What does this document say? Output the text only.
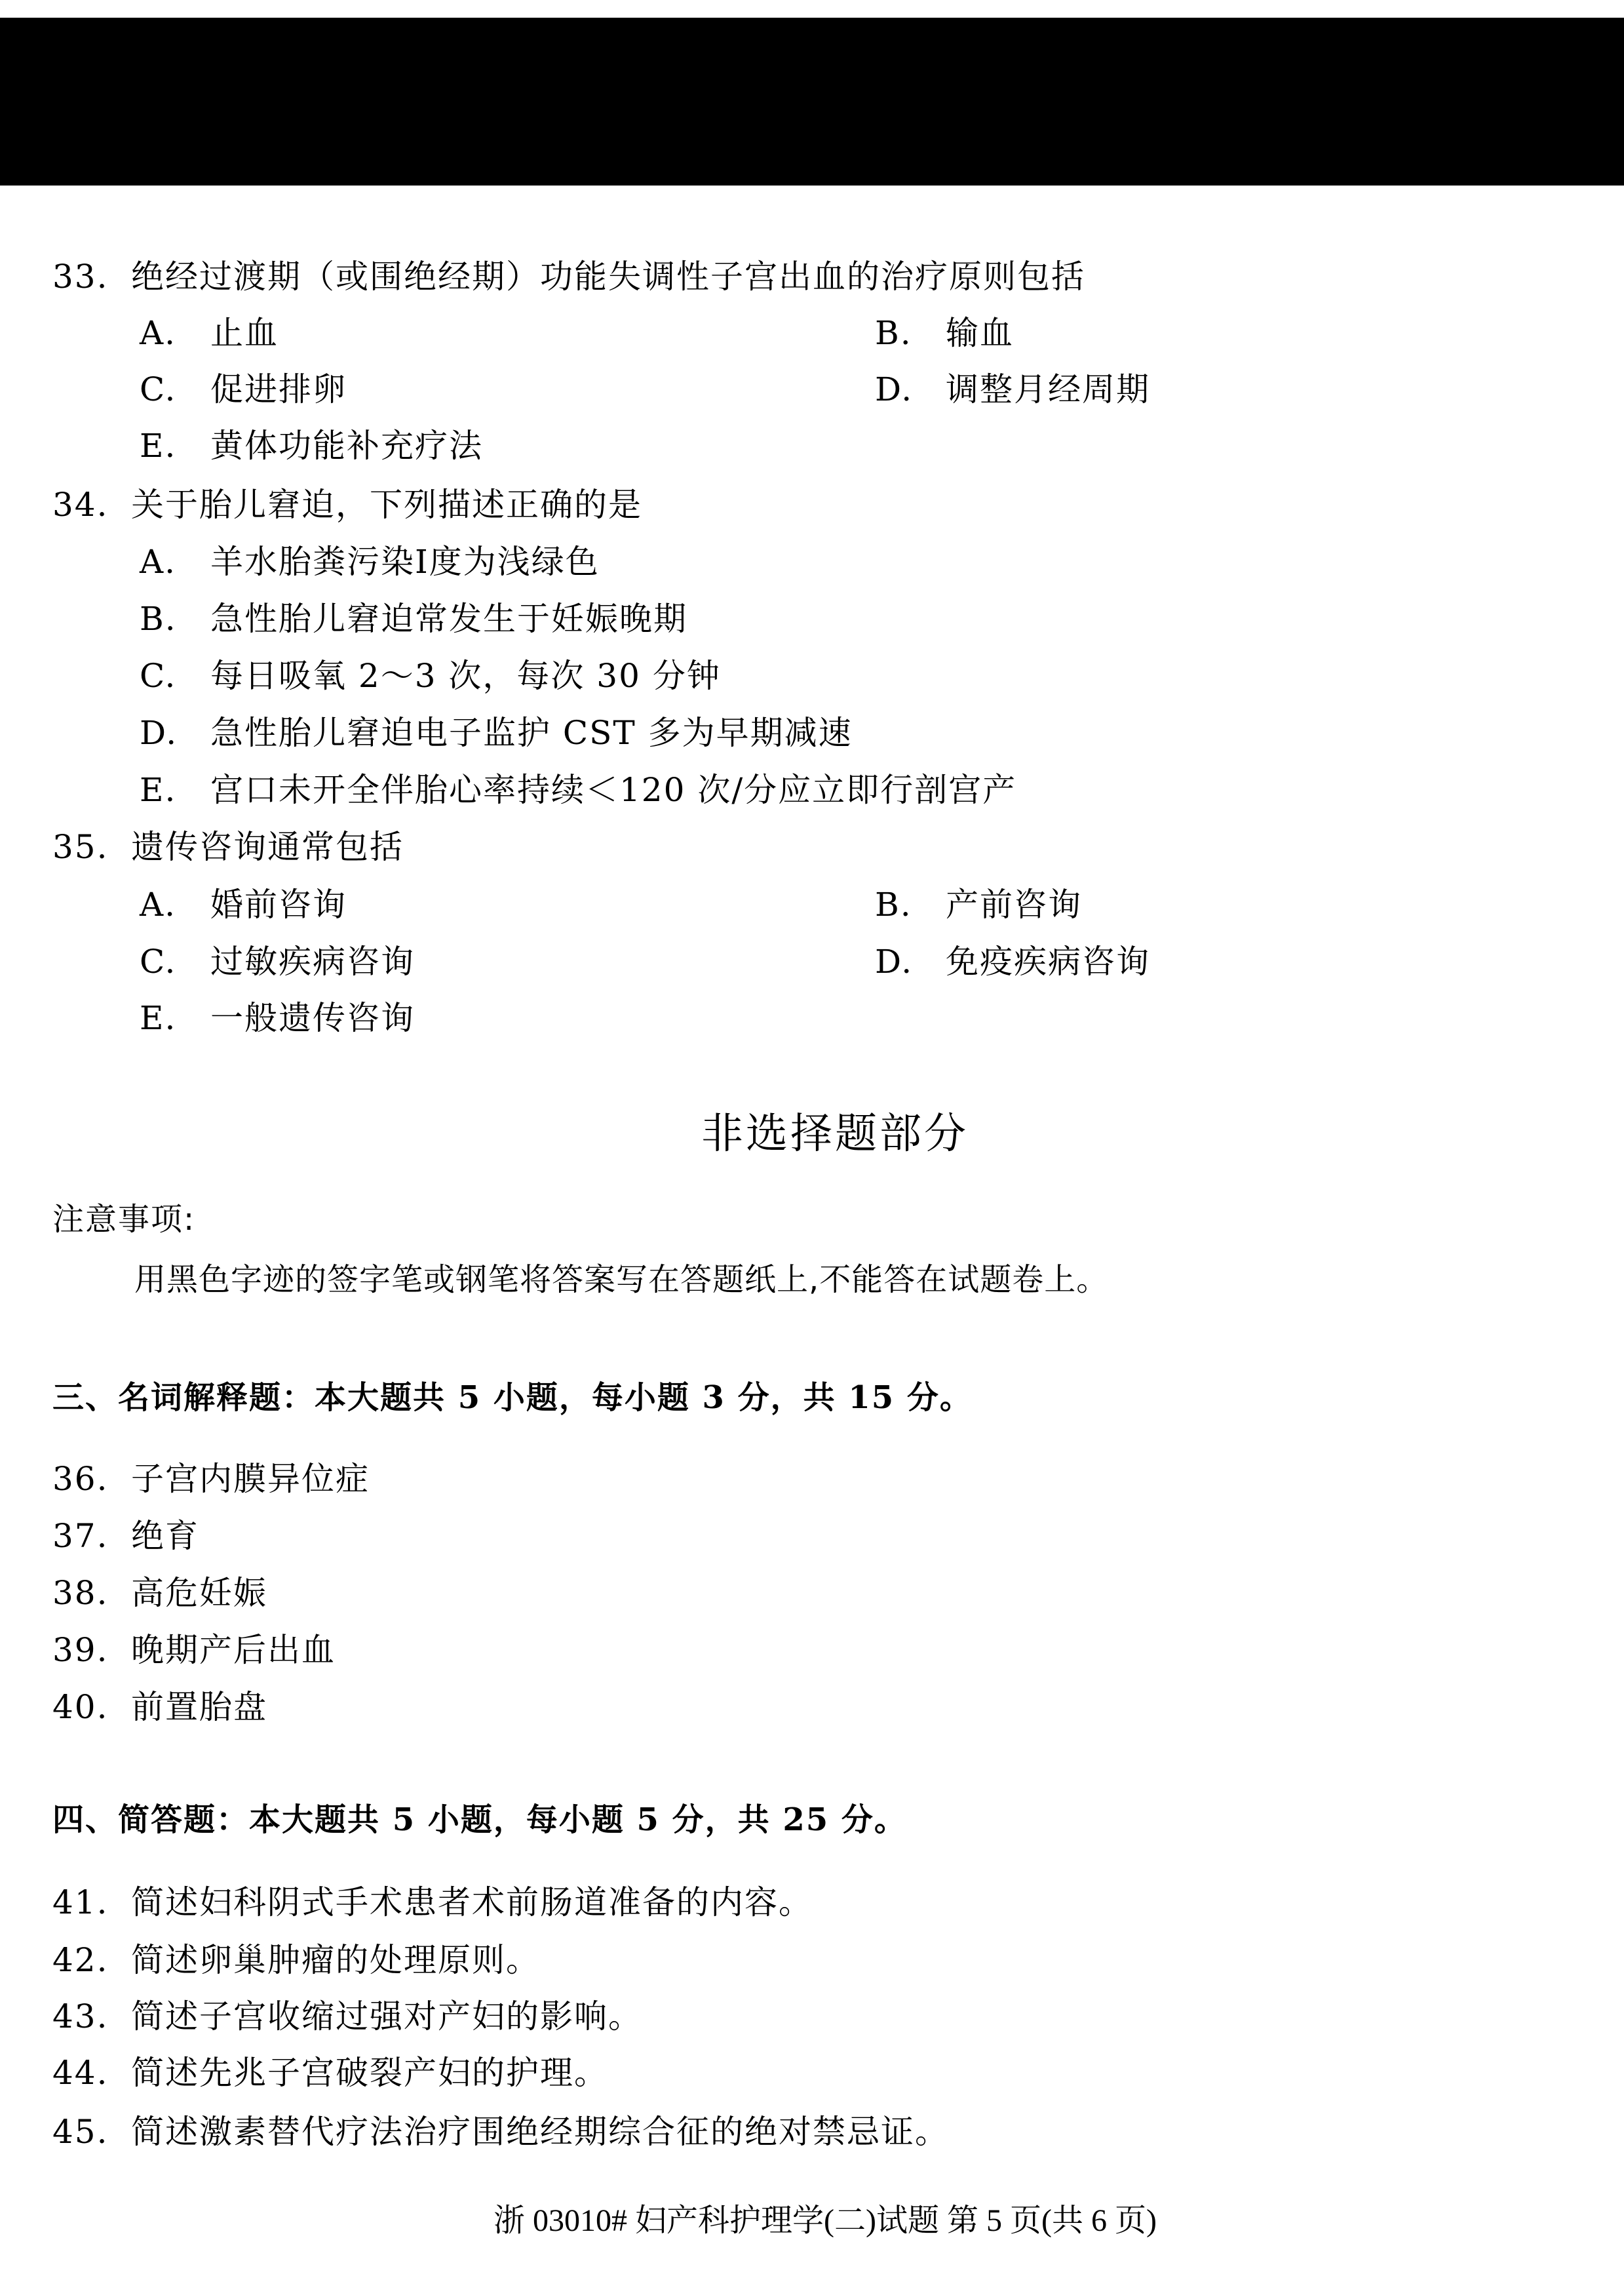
33. 绝经过渡期（或围绝经期）功能失调性子宫出血的治疗原则包括
A. 止血	B. 输血
C. 促进排卵	D. 调整月经周期
E. 黄体功能补充疗法
34. 关于胎儿窘迫，下列描述正确的是
A. 羊水胎粪污染Ⅰ度为浅绿色
B. 急性胎儿窘迫常发生于妊娠晚期
C. 每日吸氧 2～3 次，每次 30 分钟
D. 急性胎儿窘迫电子监护 CST 多为早期减速
E. 宫口未开全伴胎心率持续＜120 次/分应立即行剖宫产
35. 遗传咨询通常包括
A. 婚前咨询	B. 产前咨询
C. 过敏疾病咨询	D. 免疫疾病咨询
E. 一般遗传咨询
非选择题部分
注意事项:
用黑色字迹的签字笔或钢笔将答案写在答题纸上,不能答在试题卷上。
三、名词解释题：本大题共 5 小题，每小题 3 分，共 15 分。
36. 子宫内膜异位症
37. 绝育
38. 高危妊娠
39. 晚期产后出血
40. 前置胎盘
四、简答题：本大题共 5 小题，每小题 5 分，共 25 分。
41. 简述妇科阴式手术患者术前肠道准备的内容。
42. 简述卵巢肿瘤的处理原则。
43. 简述子宫收缩过强对产妇的影响。
44. 简述先兆子宫破裂产妇的护理。
45. 简述激素替代疗法治疗围绝经期综合征的绝对禁忌证。
浙 03010# 妇产科护理学(二)试题 第 5 页(共 6 页)
